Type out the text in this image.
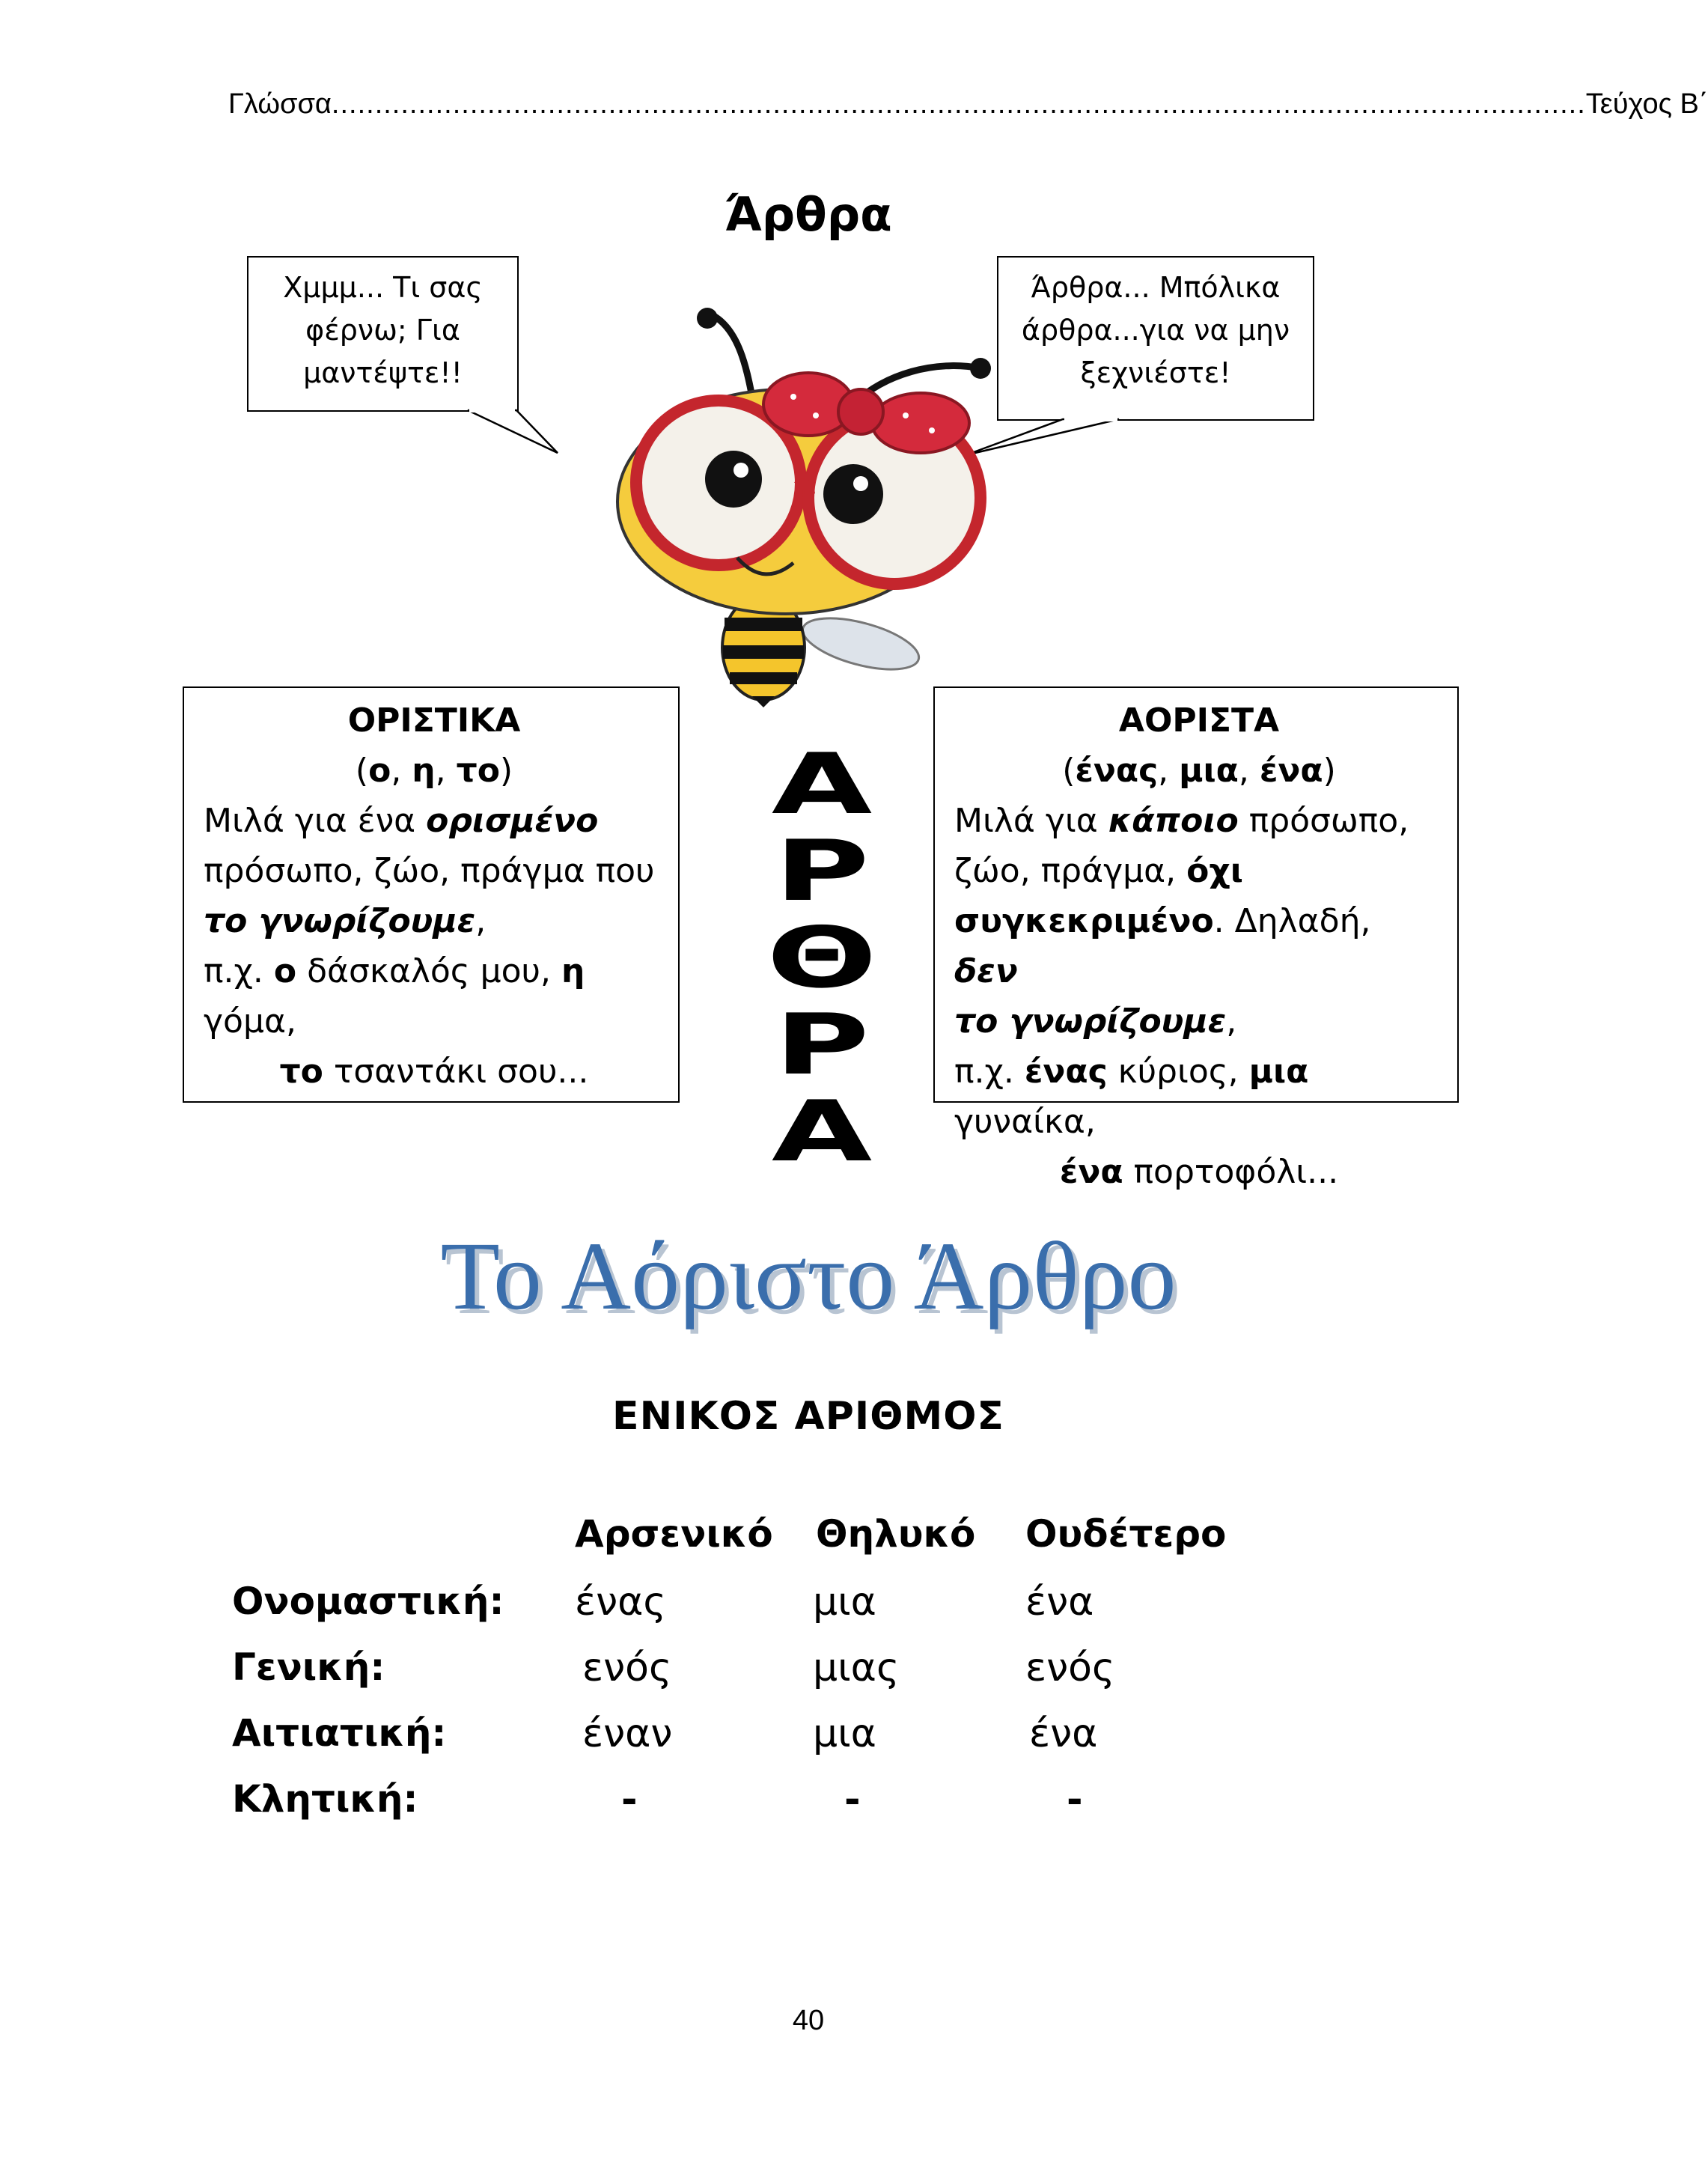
Γλώσσα ................................................................................................................................................. Τεύχος Β΄
Άρθρα
Χμμμ... Τι σας
φέρνω; Για
μαντέψτε!!
Άρθρα... Μπόλικα
άρθρα...για να μην
ξεχνιέστε!
ΟΡΙΣΤΙΚΑ
(ο, η, το)
Μιλά για ένα ορισμένο
πρόσωπο, ζώο, πράγμα που
το γνωρίζουμε,
π.χ. ο δάσκαλός μου, η γόμα,
το τσαντάκι σου...
Α
Ρ
Θ
Ρ
Α
ΑΟΡΙΣΤΑ
(ένας, μια, ένα)
Μιλά για κάποιο πρόσωπο,
ζώο, πράγμα, όχι
συγκεκριμένο. Δηλαδή, δεν
το γνωρίζουμε,
π.χ. ένας κύριος, μια γυναίκα,
ένα πορτοφόλι...
Το Αόριστο Άρθρο
ΕΝΙΚΟΣ ΑΡΙΘΜΟΣ
Αρσενικό Θηλυκό Ουδέτερο
Ονομαστική: ένας	μια	ένα
Γενική:	ενός	μιας	ενός
Αιτιατική:	έναν	μια	ένα
Κλητική:	-	-	-
40
